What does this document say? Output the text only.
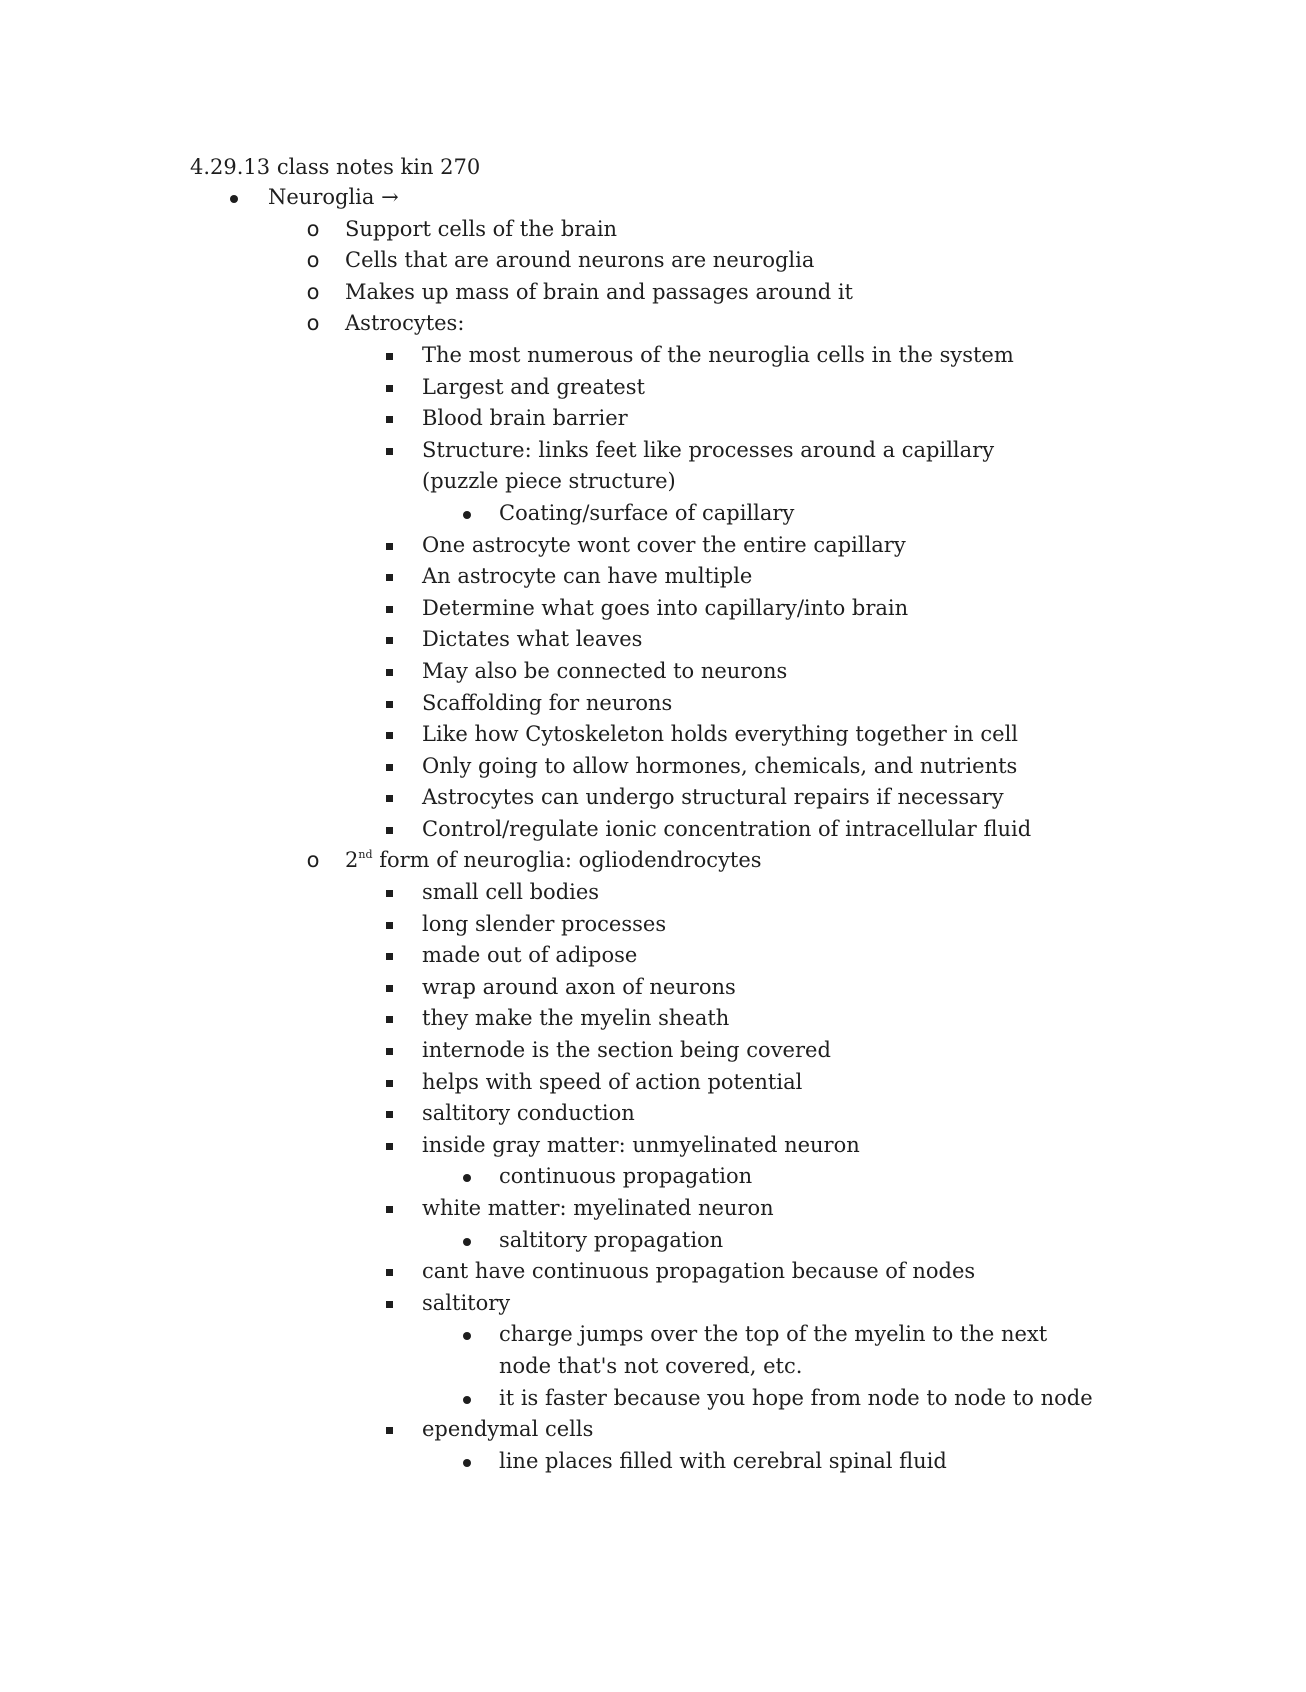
4.29.13 class notes kin 270
Neuroglia →
o Support cells of the brain
o Cells that are around neurons are neuroglia
o Makes up mass of brain and passages around it
o Astrocytes:
The most numerous of the neuroglia cells in the system
Largest and greatest
Blood brain barrier
Structure: links feet like processes around a capillary (puzzle piece structure)
Coating/surface of capillary
One astrocyte wont cover the entire capillary
An astrocyte can have multiple
Determine what goes into capillary/into brain
Dictates what leaves
May also be connected to neurons
Scaffolding for neurons
Like how Cytoskeleton holds everything together in cell
Only going to allow hormones, chemicals, and nutrients
Astrocytes can undergo structural repairs if necessary
Control/regulate ionic concentration of intracellular fluid
o 2nd form of neuroglia: ogliodendrocytes
small cell bodies
long slender processes
made out of adipose
wrap around axon of neurons
they make the myelin sheath
internode is the section being covered
helps with speed of action potential
saltitory conduction
inside gray matter: unmyelinated neuron
continuous propagation
white matter: myelinated neuron
saltitory propagation
cant have continuous propagation because of nodes
saltitory
charge jumps over the top of the myelin to the next node that's not covered, etc.
it is faster because you hope from node to node to node
ependymal cells
line places filled with cerebral spinal fluid
